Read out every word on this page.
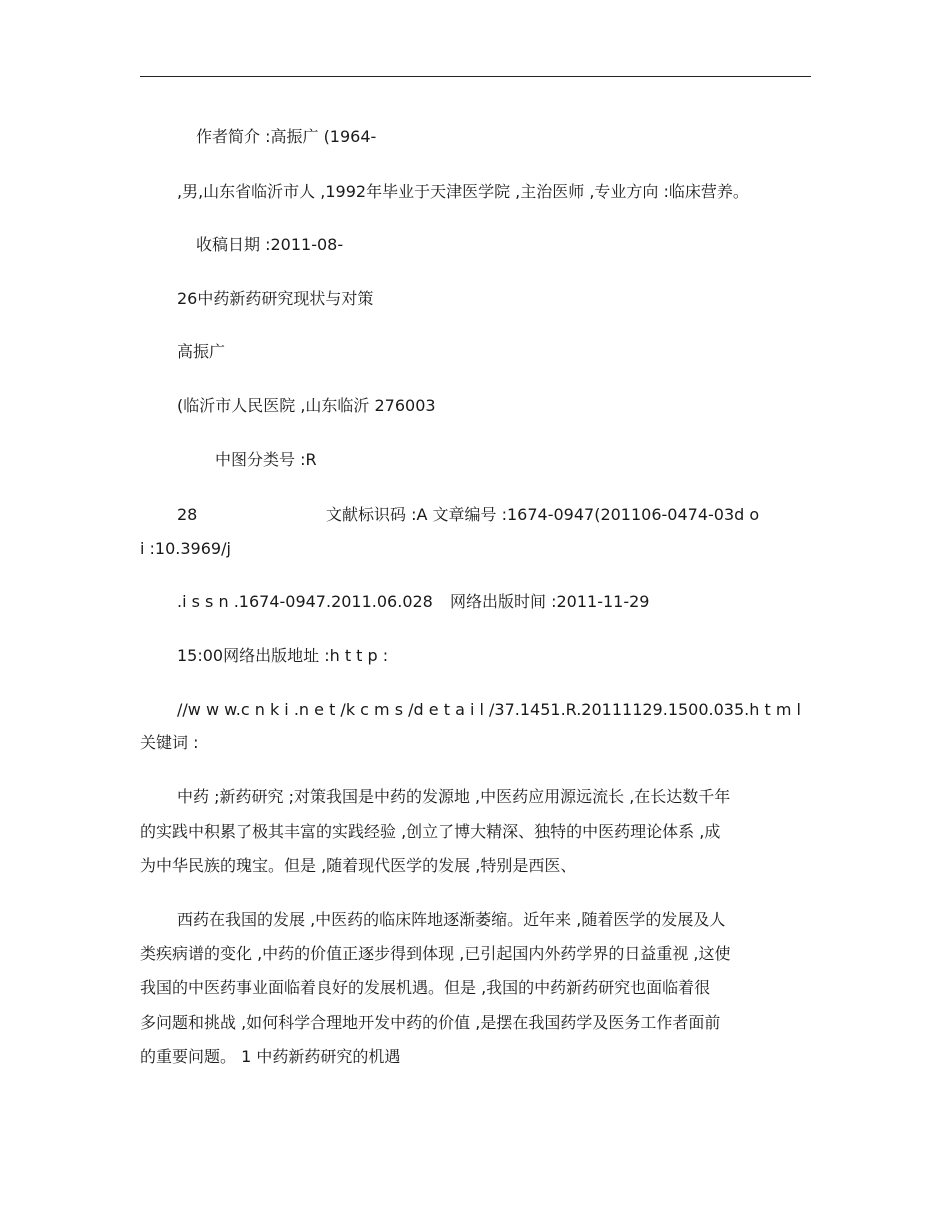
作者简介 :高振广 (1964-
,男,山东省临沂市人 ,1992年毕业于天津医学院 ,主治医师 ,专业方向 :临床营养。
收稿日期 :2011-08-
26中药新药研究现状与对策
高振广
(临沂市人民医院 ,山东临沂 276003
中图分类号 :R
28	文献标识码 :A 文章编号 :1674-0947(201106-0474-03d o
i :10.3969/j
.i s s n .1674-0947.2011.06.028 网络出版时间 :2011-11-29
15:00网络出版地址 :h t t p :
//w w w.c n k i .n e t /k c m s /d e t a i l /37.1451.R.20111129.1500.035.h t m l
关键词 :
中药 ;新药研究 ;对策我国是中药的发源地 ,中医药应用源远流长 ,在长达数千年
的实践中积累了极其丰富的实践经验 ,创立了博大精深、独特的中医药理论体系 ,成
为中华民族的瑰宝。但是 ,随着现代医学的发展 ,特别是西医、
西药在我国的发展 ,中医药的临床阵地逐渐萎缩。近年来 ,随着医学的发展及人
类疾病谱的变化 ,中药的价值正逐步得到体现 ,已引起国内外药学界的日益重视 ,这使
我国的中医药事业面临着良好的发展机遇。但是 ,我国的中药新药研究也面临着很
多问题和挑战 ,如何科学合理地开发中药的价值 ,是摆在我国药学及医务工作者面前
的重要问题。 1 中药新药研究的机遇
